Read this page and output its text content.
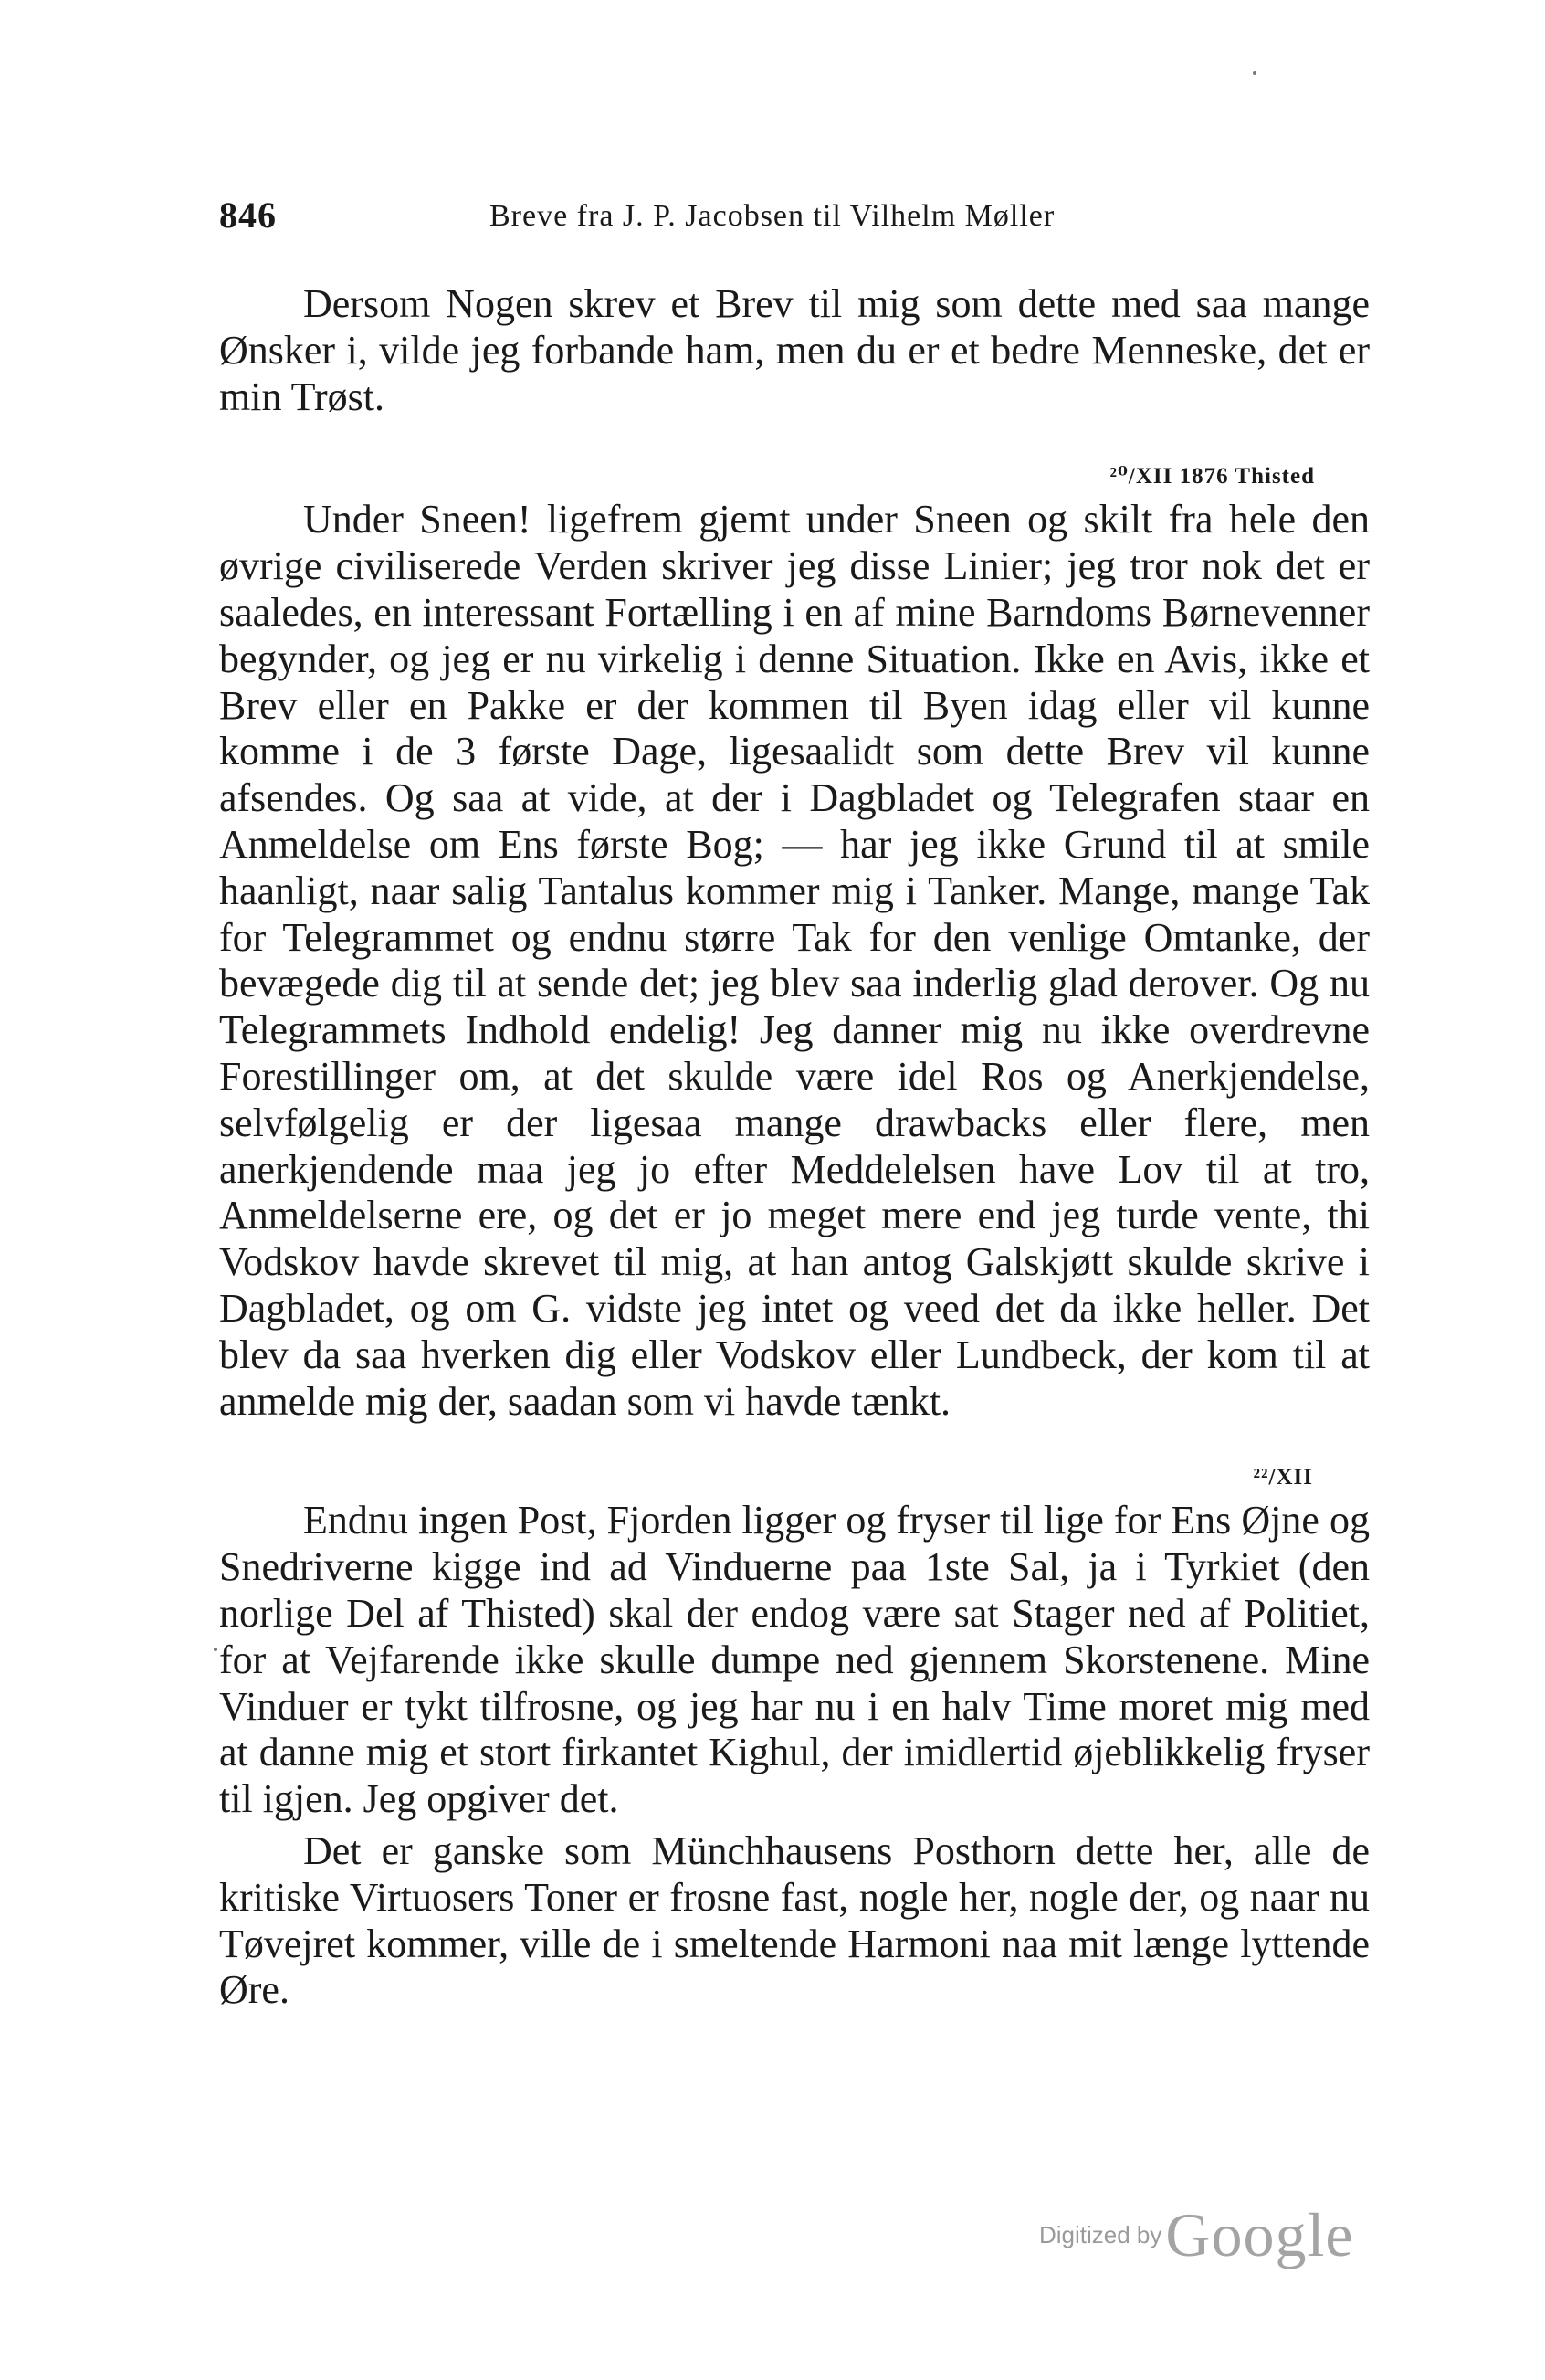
846	Breve fra J. P. Jacobsen til Vilhelm Møller

Dersom Nogen skrev et Brev til mig som dette med saa mange Ønsker i, vilde jeg forbande ham, men du er et bedre Menneske, det er min Trøst.

²⁰/XII 1876 Thisted

Under Sneen! ligefrem gjemt under Sneen og skilt fra hele den øvrige civiliserede Verden skriver jeg disse Linier; jeg tror nok det er saaledes, en interessant Fortælling i en af mine Barndoms Børnevenner begynder, og jeg er nu virkelig i denne Situation. Ikke en Avis, ikke et Brev eller en Pakke er der kommen til Byen idag eller vil kunne komme i de 3 første Dage, ligesaalidt som dette Brev vil kunne afsendes. Og saa at vide, at der i Dagbladet og Telegrafen staar en Anmeldelse om Ens første Bog; — har jeg ikke Grund til at smile haanligt, naar salig Tantalus kommer mig i Tanker. Mange, mange Tak for Telegrammet og endnu større Tak for den venlige Omtanke, der bevægede dig til at sende det; jeg blev saa inderlig glad derover. Og nu Telegrammets Indhold endelig! Jeg danner mig nu ikke overdrevne Forestillinger om, at det skulde være idel Ros og Anerkjendelse, selvfølgelig er der ligesaa mange drawbacks eller flere, men anerkjendende maa jeg jo efter Meddelelsen have Lov til at tro, Anmeldelserne ere, og det er jo meget mere end jeg turde vente, thi Vodskov havde skrevet til mig, at han antog Galskjøtt skulde skrive i Dagbladet, og om G. vidste jeg intet og veed det da ikke heller. Det blev da saa hverken dig eller Vodskov eller Lundbeck, der kom til at anmelde mig der, saadan som vi havde tænkt.

²²/XII

Endnu ingen Post, Fjorden ligger og fryser til lige for Ens Øjne og Snedriverne kigge ind ad Vinduerne paa 1ste Sal, ja i Tyrkiet (den norlige Del af Thisted) skal der endog være sat Stager ned af Politiet, for at Vejfarende ikke skulle dumpe ned gjennem Skorstenene. Mine Vinduer er tykt tilfrosne, og jeg har nu i en halv Time moret mig med at danne mig et stort firkantet Kighul, der imidlertid øjeblikkelig fryser til igjen. Jeg opgiver det.

Det er ganske som Münchhausens Posthorn dette her, alle de kritiske Virtuosers Toner er frosne fast, nogle her, nogle der, og naar nu Tøvejret kommer, ville de i smeltende Harmoni naa mit længe lyttende Øre.

Digitized by Google
